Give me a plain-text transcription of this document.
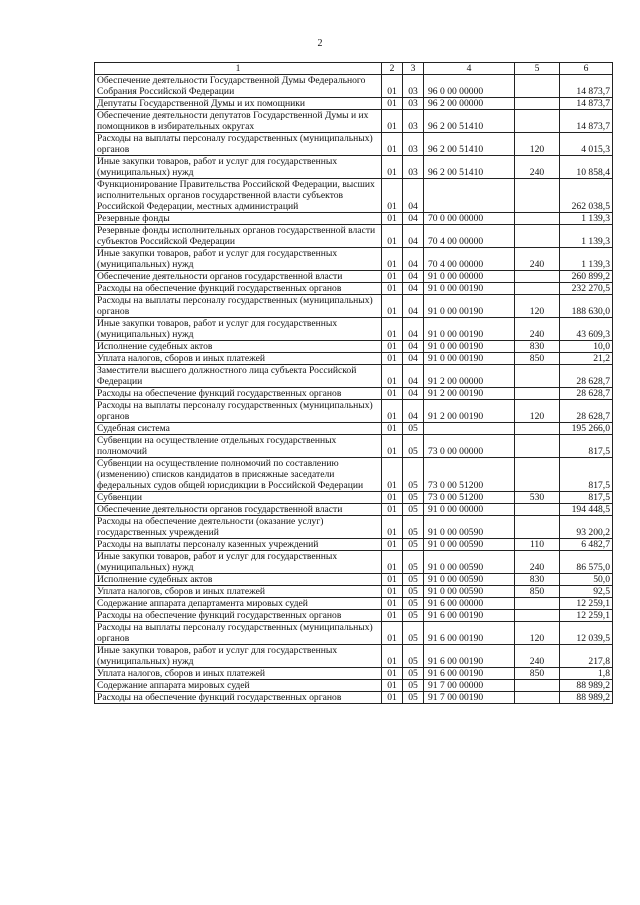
2
1	2	3	4	5	6
Обеспечение деятельности Государственной Думы Федерального Собрания Российской Федерации	01	03	96 0 00 00000		14 873,7
Депутаты Государственной Думы и их помощники	01	03	96 2 00 00000		14 873,7
Обеспечение деятельности депутатов Государственной Думы и их помощников в избирательных округах	01	03	96 2 00 51410		14 873,7
Расходы на выплаты персоналу государственных (муниципальных) органов	01	03	96 2 00 51410	120	4 015,3
Иные закупки товаров, работ и услуг для государственных (муниципальных) нужд	01	03	96 2 00 51410	240	10 858,4
Функционирование Правительства Российской Федерации, высших исполнительных органов государственной власти субъектов Российской Федерации, местных администраций	01	04			262 038,5
Резервные фонды	01	04	70 0 00 00000		1 139,3
Резервные фонды исполнительных органов государственной власти субъектов Российской Федерации	01	04	70 4 00 00000		1 139,3
Иные закупки товаров, работ и услуг для государственных (муниципальных) нужд	01	04	70 4 00 00000	240	1 139,3
Обеспечение деятельности органов государственной власти	01	04	91 0 00 00000		260 899,2
Расходы на обеспечение функций государственных органов	01	04	91 0 00 00190		232 270,5
Расходы на выплаты персоналу государственных (муниципальных) органов	01	04	91 0 00 00190	120	188 630,0
Иные закупки товаров, работ и услуг для государственных (муниципальных) нужд	01	04	91 0 00 00190	240	43 609,3
Исполнение судебных актов	01	04	91 0 00 00190	830	10,0
Уплата налогов, сборов и иных платежей	01	04	91 0 00 00190	850	21,2
Заместители высшего должностного лица субъекта Российской Федерации	01	04	91 2 00 00000		28 628,7
Расходы на обеспечение функций государственных органов	01	04	91 2 00 00190		28 628,7
Расходы на выплаты персоналу государственных (муниципальных) органов	01	04	91 2 00 00190	120	28 628,7
Судебная система	01	05			195 266,0
Субвенции на осуществление отдельных государственных полномочий	01	05	73 0 00 00000		817,5
Субвенции на осуществление полномочий по составлению (изменению) списков кандидатов в присяжные заседатели федеральных судов общей юрисдикции в Российской Федерации	01	05	73 0 00 51200		817,5
Субвенции	01	05	73 0 00 51200	530	817,5
Обеспечение деятельности органов государственной власти	01	05	91 0 00 00000		194 448,5
Расходы на обеспечение деятельности (оказание услуг) государственных учреждений	01	05	91 0 00 00590		93 200,2
Расходы на выплаты персоналу казенных учреждений	01	05	91 0 00 00590	110	6 482,7
Иные закупки товаров, работ и услуг для государственных (муниципальных) нужд	01	05	91 0 00 00590	240	86 575,0
Исполнение судебных актов	01	05	91 0 00 00590	830	50,0
Уплата налогов, сборов и иных платежей	01	05	91 0 00 00590	850	92,5
Содержание аппарата департамента мировых судей	01	05	91 6 00 00000		12 259,1
Расходы на обеспечение функций государственных органов	01	05	91 6 00 00190		12 259,1
Расходы на выплаты персоналу государственных (муниципальных) органов	01	05	91 6 00 00190	120	12 039,5
Иные закупки товаров, работ и услуг для государственных (муниципальных) нужд	01	05	91 6 00 00190	240	217,8
Уплата налогов, сборов и иных платежей	01	05	91 6 00 00190	850	1,8
Содержание аппарата мировых судей	01	05	91 7 00 00000		88 989,2
Расходы на обеспечение функций государственных органов	01	05	91 7 00 00190		88 989,2
